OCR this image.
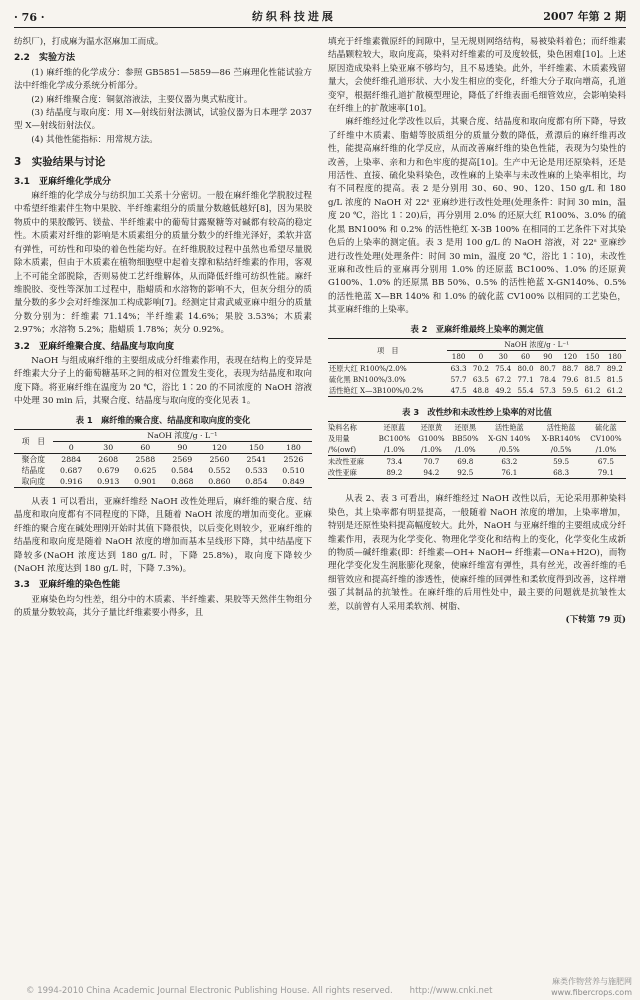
· 76 ·	纺织科技进展	2007 年第 2 期

纺织厂)，打成麻为温水沤麻加工而成。

2.2　实验方法

(1) 麻纤维的化学成分：参照 GB5851—5859—86 苎麻理化性能试验方法中纤维化学成分系统分析部分。

(2) 麻纤维聚合度：铜氨溶液法，主要仪器为奥式粘度计。

(3) 结晶度与取向度：用 X—射线衍射法测试，试验仪器为日本理学 2037 型 X—射线衍射法仪。

(4) 其他性能指标：用常规方法。

3　实验结果与讨论
3.1　亚麻纤维化学成分

麻纤维的化学成分与纺织加工关系十分密切。一般在麻纤维化学脱胶过程中希望纤维素伴生物中果胶、半纤维素组分的质量分数越低越好[8]，因为果胶物质中的果胶酸钙、镁盐、半纤维素中的葡萄甘露聚糖等对碱都有较高的稳定性。木质素对纤维的影响是木质素组分的质量分数少的纤维光泽好，柔软并富有弹性，可纺性和印染的着色性能均好。在纤维脱胶过程中虽然也希望尽量脱除木质素，但由于木质素在植物细胞壁中起着支撑和粘结纤维素的作用，客观上不可能全部脱除，否则易使工艺纤维解体，从而降低纤维可纺织性能。麻纤维脱胶、变性等深加工过程中，脂蜡质和水溶物的影响不大，但灰分组分的质量分数的多少会对纤维深加工构成影响[7]。经测定甘肃武威亚麻中组分的质量分数分别为：纤维素 71.14%；半纤维素 14.6%；果胶 3.53%；木质素 2.97%；水溶物 5.2%；脂蜡质 1.78%；灰分 0.92%。

3.2　亚麻纤维聚合度、结晶度与取向度

NaOH 与组成麻纤维的主要组成成分纤维素作用，表现在结构上的变异是纤维素大分子上的葡萄糖基环之间的相对位置发生变化，表现为结晶度和取向度下降。将亚麻纤维在温度为 20 ℃，浴比 1∶20 的不同浓度的 NaOH 溶液中处理 30 min 后，其聚合度、结晶度与取向度的变化见表 1。

表 1　麻纤维的聚合度、结晶度和取向度的变化
项　目	NaOH 浓度/g · L⁻¹						
	0	30	60	90	120	150	180
聚合度	2884	2608	2588	2569	2560	2541	2526
结晶度	0.687	0.679	0.625	0.584	0.552	0.533	0.510
取向度	0.916	0.913	0.901	0.868	0.860	0.854	0.849

从表 1 可以看出，亚麻纤维经 NaOH 改性处理后，麻纤维的聚合度、结晶度和取向度都有不同程度的下降，且随着 NaOH 浓度的增加而变化。亚麻纤维的聚合度在碱处理刚开始时其值下降很快，以后变化则较少，亚麻纤维的结晶度和取向度是随着 NaOH 浓度的增加而基本呈线形下降，其中结晶度下降较多(NaOH 浓度达到 180 g/L 时，下降 25.8%)，取向度下降较少(NaOH 浓度达到 180 g/L 时，下降 7.3%)。

3.3　亚麻纤维的染色性能

亚麻染色均匀性差，组分中的木质素、半纤维素、果胶等天然伴生物组分的质量分数较高，其分子量比纤维素要小得多，且

填充于纤维素微原纤的间隙中，呈无规则网络结构，易被染料着色；而纤维素结晶颗粒较大，取向度高，染料对纤维素的可及度较低，染色困难[10]。上述原因造成染料上染亚麻不够均匀，且不易透染。此外，半纤维素、木质素残留量大，会使纤维孔道形状、大小发生相应的变化，纤维大分子取向增高，孔道变窄，根据纤维孔道扩散模型理论，降低了纤维表面毛细管效应，会影响染料在纤维上的扩散速率[10]。

麻纤维经过化学改性以后，其聚合度、结晶度和取向度都有所下降，导致了纤维中木质素、脂蜡等胶质组分的质量分数的降低，煮漂后的麻纤维再改性，能提高麻纤维的化学反应，从而改善麻纤维的染色性能，表现为匀染性的改善，上染率、亲和力和色牢度的提高[10]。生产中无论是用还原染料，还是用活性、直接、硫化染料染色，改性麻的上染率与未改性麻的上染率相比，均有不同程度的提高。表 2 是分别用 30、60、90、120、150 g/L 和 180 g/L 浓度的 NaOH 对 22ˢ 亚麻纱进行改性处理(处理条件：时间 30 min，温度 20 ℃，浴比 1∶20)后，再分别用 2.0% 的还原大红 R100%、3.0% 的硫化黑 BN100% 和 0.2% 的活性艳红 X-3B 100% 在相同的工艺条件下对其染色后的上染率的测定值。表 3 是用 100 g/L 的 NaOH 溶液，对 22ˢ 亚麻纱进行改性处理(处理条件：时间 30 min，温度 20 ℃，浴比 1∶10)，未改性亚麻和改性后的亚麻再分别用 1.0% 的还原蓝 BC100%、1.0% 的还原黄 G100%、1.0% 的还原黑 BB 50%、0.5% 的活性艳蓝 X-GN140%、0.5% 的活性艳蓝 X—BR 140% 和 1.0% 的硫化蓝 CV100% 以相同的工艺染色，其亚麻纤维的上染率。

表 2　亚麻纤维最终上染率的测定值
项　目	NaOH 浓度/g · L⁻¹							
	180	0	30	60	90	120	150	180
还原大红 R100%/2.0%	63.3	70.2	75.4	80.0	80.7	88.7	88.7	89.2
硫化黑 BN100%/3.0%	57.7	63.5	67.2	77.1	78.4	79.6	81.5	81.5
活性艳红 X—3B100%/0.2%	47.5	48.8	49.2	55.4	57.3	59.5	61.2	61.2
表 3　改性纱和未改性纱上染率的对比值
染料名称	还原蓝	还原黄	还原黑	活性艳蓝	活性艳蓝	硫化蓝
及用量	BC100%	G100%	BB50%	X-GN 140%	X-BR140%	CV100%
/%(owf)	/1.0%	/1.0%	/1.0%	/0.5%	/0.5%	/1.0%
未改性亚麻	73.4	70.7	69.8	63.2	59.5	67.5
改性亚麻	89.2	94.2	92.5	76.1	68.3	79.1

从表 2、表 3 可看出，麻纤维经过 NaOH 改性以后，无论采用那种染料染色，其上染率都有明显提高，一般随着 NaOH 浓度的增加，上染率增加，特别是还原性染料提高幅度较大。此外，NaOH 与亚麻纤维的主要组成成分纤维素作用，表现为化学变化、物理化学变化和结构上的变化，化学变化生成新的物质—碱纤维素(即：纤维素—OH+ NaOH→ 纤维素—ONa+H2O)，而物理化学变化发生润胀膨化现象，使麻纤维富有弹性，具有丝光，改善纤维的毛细管效应和提高纤维的渗透性，使麻纤维的回弹性和柔软度得到改善，这样增强了其制品的抗皱性。在麻纤维的后用性处中，最主要的问题就是抗皱性太差，以前曾有人采用柔软剂、树脂、

(下转第 79 页)
© 1994-2010 China Academic Journal Electronic Publishing House. All rights reserved.　　http://www.cnki.net
麻类作物营养与施肥网
www.fibercrops.com
